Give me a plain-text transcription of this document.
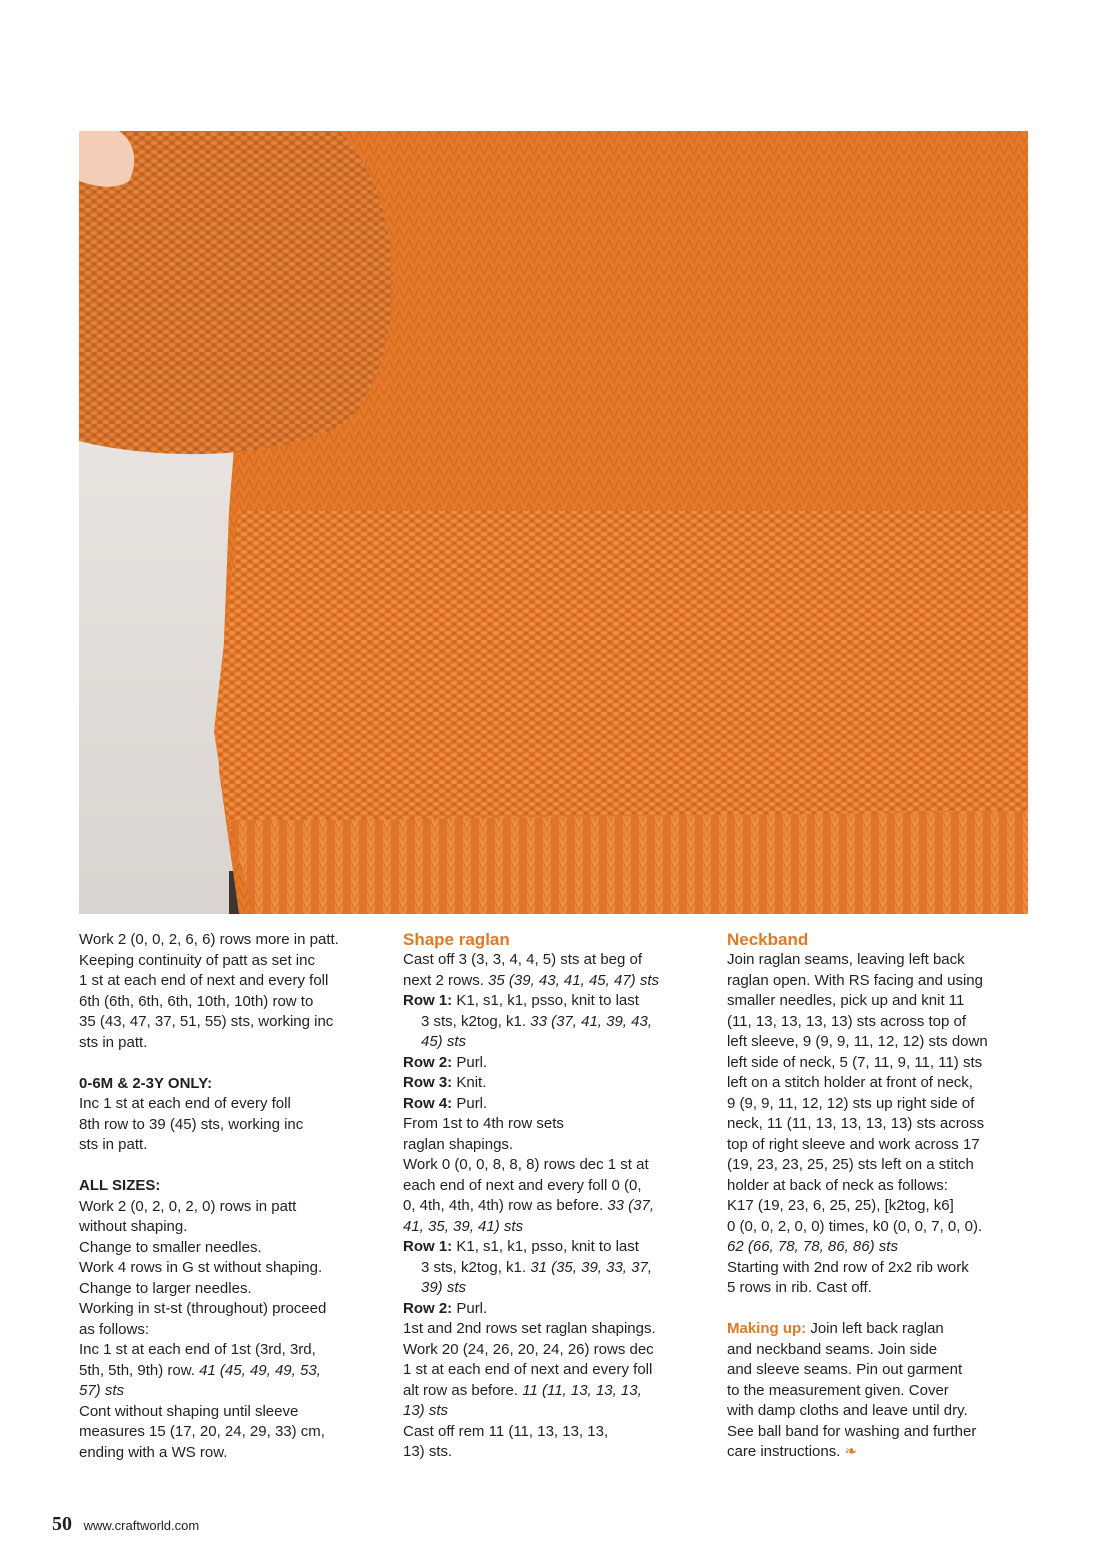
Work 2 (0, 0, 2, 6, 6) rows more in patt.

Keeping continuity of patt as set inc

1 st at each end of next and every foll

6th (6th, 6th, 6th, 10th, 10th) row to

35 (43, 47, 37, 51, 55) sts, working inc

sts in patt.

0-6M & 2-3Y ONLY:

Inc 1 st at each end of every foll

8th row to 39 (45) sts, working inc

sts in patt.

ALL SIZES:

Work 2 (0, 2, 0, 2, 0) rows in patt

without shaping.

Change to smaller needles.

Work 4 rows in G st without shaping.

Change to larger needles.

Working in st-st (throughout) proceed

as follows:

Inc 1 st at each end of 1st (3rd, 3rd,

5th, 5th, 9th) row. 41 (45, 49, 49, 53,

57) sts

Cont without shaping until sleeve

measures 15 (17, 20, 24, 29, 33) cm,

ending with a WS row.

Shape raglan

Cast off 3 (3, 3, 4, 4, 5) sts at beg of

next 2 rows. 35 (39, 43, 41, 45, 47) sts

Row 1: K1, s1, k1, psso, knit to last

3 sts, k2tog, k1. 33 (37, 41, 39, 43,

45) sts

Row 2: Purl.

Row 3: Knit.

Row 4: Purl.

From 1st to 4th row sets

raglan shapings.

Work 0 (0, 0, 8, 8, 8) rows dec 1 st at

each end of next and every foll 0 (0,

0, 4th, 4th, 4th) row as before. 33 (37,

41, 35, 39, 41) sts

Row 1: K1, s1, k1, psso, knit to last

3 sts, k2tog, k1. 31 (35, 39, 33, 37,

39) sts

Row 2: Purl.

1st and 2nd rows set raglan shapings.

Work 20 (24, 26, 20, 24, 26) rows dec

1 st at each end of next and every foll

alt row as before. 11 (11, 13, 13, 13,

13) sts

Cast off rem 11 (11, 13, 13, 13,

13) sts.

Neckband

Join raglan seams, leaving left back

raglan open. With RS facing and using

smaller needles, pick up and knit 11

(11, 13, 13, 13, 13) sts across top of

left sleeve, 9 (9, 9, 11, 12, 12) sts down

left side of neck, 5 (7, 11, 9, 11, 11) sts

left on a stitch holder at front of neck,

9 (9, 9, 11, 12, 12) sts up right side of

neck, 11 (11, 13, 13, 13, 13) sts across

top of right sleeve and work across 17

(19, 23, 23, 25, 25) sts left on a stitch

holder at back of neck as follows:

K17 (19, 23, 6, 25, 25), [k2tog, k6]

0 (0, 0, 2, 0, 0) times, k0 (0, 0, 7, 0, 0).

62 (66, 78, 78, 86, 86) sts

Starting with 2nd row of 2x2 rib work

5 rows in rib. Cast off.

Making up: Join left back raglan

and neckband seams. Join side

and sleeve seams. Pin out garment

to the measurement given. Cover

with damp cloths and leave until dry.

See ball band for washing and further

care instructions. ❧

50 www.craftworld.com
